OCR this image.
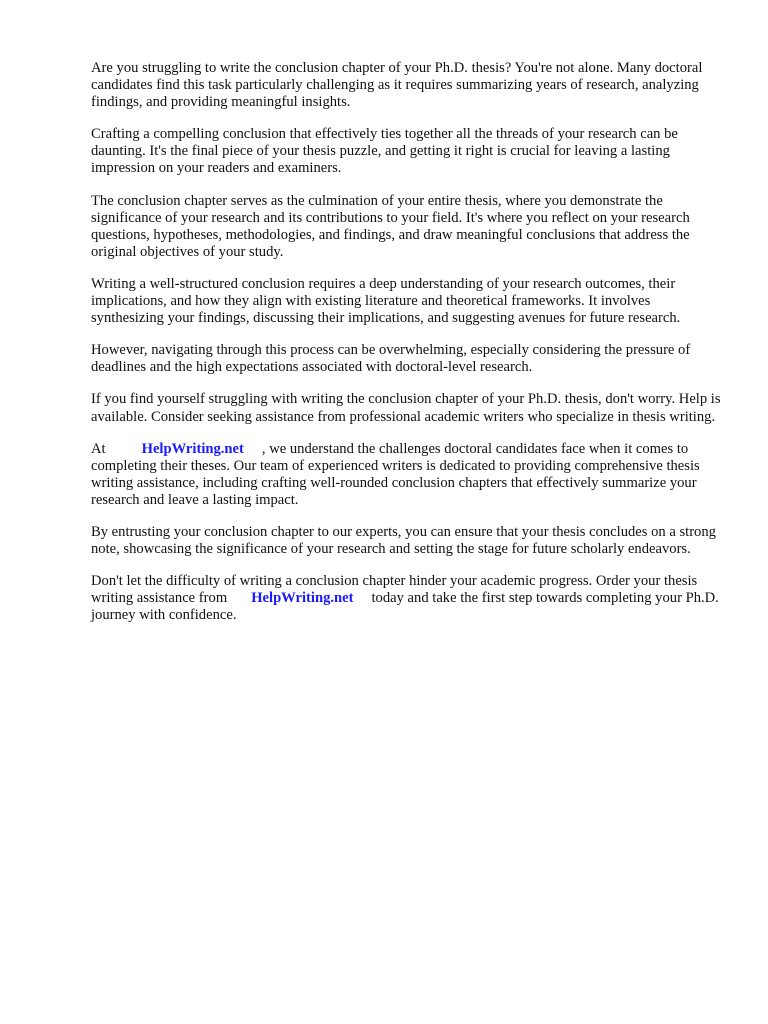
Are you struggling to write the conclusion chapter of your Ph.D. thesis? You're not alone. Many doctoral candidates find this task particularly challenging as it requires summarizing years of research, analyzing findings, and providing meaningful insights.

Crafting a compelling conclusion that effectively ties together all the threads of your research can be daunting. It's the final piece of your thesis puzzle, and getting it right is crucial for leaving a lasting impression on your readers and examiners.

The conclusion chapter serves as the culmination of your entire thesis, where you demonstrate the significance of your research and its contributions to your field. It's where you reflect on your research questions, hypotheses, methodologies, and findings, and draw meaningful conclusions that address the original objectives of your study.

Writing a well-structured conclusion requires a deep understanding of your research outcomes, their implications, and how they align with existing literature and theoretical frameworks. It involves synthesizing your findings, discussing their implications, and suggesting avenues for future research.

However, navigating through this process can be overwhelming, especially considering the pressure of deadlines and the high expectations associated with doctoral-level research.

If you find yourself struggling with writing the conclusion chapter of your Ph.D. thesis, don't worry. Help is available. Consider seeking assistance from professional academic writers who specialize in thesis writing.

At HelpWriting.net , we understand the challenges doctoral candidates face when it comes to completing their theses. Our team of experienced writers is dedicated to providing comprehensive thesis writing assistance, including crafting well-rounded conclusion chapters that effectively summarize your research and leave a lasting impact.

By entrusting your conclusion chapter to our experts, you can ensure that your thesis concludes on a strong note, showcasing the significance of your research and setting the stage for future scholarly endeavors.

Don't let the difficulty of writing a conclusion chapter hinder your academic progress. Order your thesis writing assistance from HelpWriting.net today and take the first step towards completing your Ph.D. journey with confidence.
